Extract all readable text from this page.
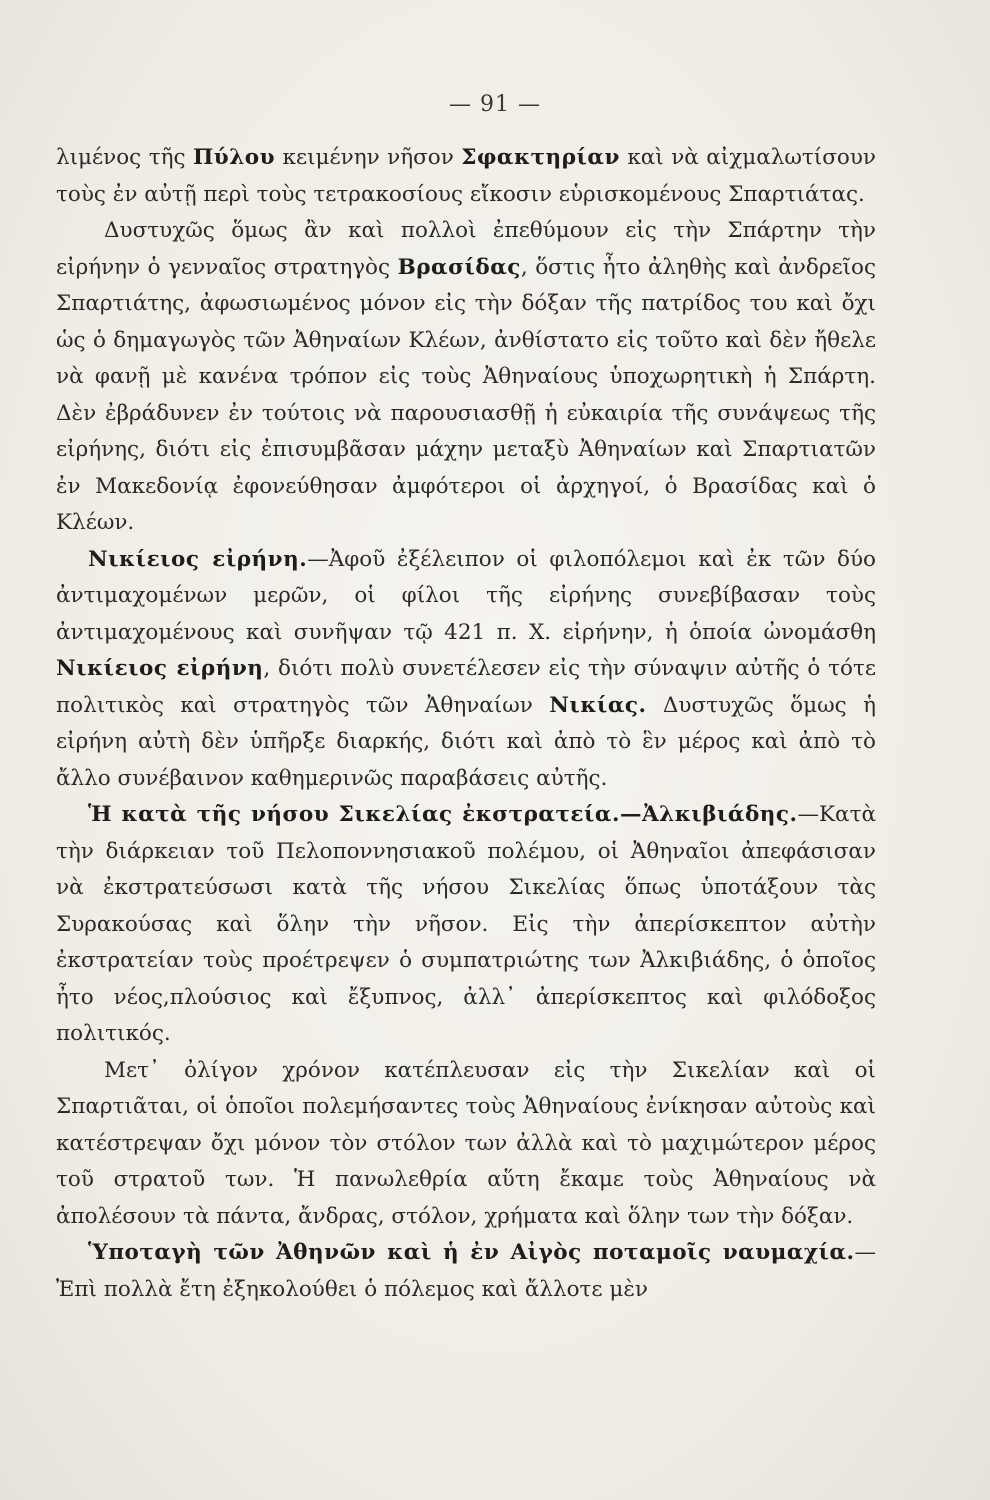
— 91 —

λιμένος τῆς Πύλου κειμένην νῆσον Σφακτηρίαν καὶ νὰ αἰχμαλωτίσουν τοὺς ἐν αὐτῇ περὶ τοὺς τετρακοσίους εἴκοσιν εὑρισκομένους Σπαρτιάτας.

Δυστυχῶς ὅμως ἂν καὶ πολλοὶ ἐπεθύμουν εἰς τὴν Σπάρτην τὴν εἰρήνην ὁ γενναῖος στρατηγὸς Βρασίδας, ὅστις ἦτο ἀληθὴς καὶ ἀνδρεῖος Σπαρτιάτης, ἀφωσιωμένος μόνον εἰς τὴν δόξαν τῆς πατρίδος του καὶ ὄχι ὡς ὁ δημαγωγὸς τῶν Ἀθηναίων Κλέων, ἀνθίστατο εἰς τοῦτο καὶ δὲν ἤθελε νὰ φανῇ μὲ κανένα τρόπον εἰς τοὺς Ἀθηναίους ὑποχωρητικὴ ἡ Σπάρτη. Δὲν ἐβράδυνεν ἐν τούτοις νὰ παρουσιασθῇ ἡ εὐκαιρία τῆς συνάψεως τῆς εἰρήνης, διότι εἰς ἐπισυμβᾶσαν μάχην μεταξὺ Ἀθηναίων καὶ Σπαρτιατῶν ἐν Μακεδονίᾳ ἐφονεύθησαν ἀμφότεροι οἱ ἀρχηγοί, ὁ Βρασίδας καὶ ὁ Κλέων.

Νικίειος εἰρήνη.—Ἀφοῦ ἐξέλειπον οἱ φιλοπόλεμοι καὶ ἐκ τῶν δύο ἀντιμαχομένων μερῶν, οἱ φίλοι τῆς εἰρήνης συνεβίβασαν τοὺς ἀντιμαχομένους καὶ συνῆψαν τῷ 421 π. Χ. εἰρήνην, ἡ ὁποία ὠνομάσθη Νικίειος εἰρήνη, διότι πολὺ συνετέλεσεν εἰς τὴν σύναψιν αὐτῆς ὁ τότε πολιτικὸς καὶ στρατηγὸς τῶν Ἀθηναίων Νικίας. Δυστυχῶς ὅμως ἡ εἰρήνη αὐτὴ δὲν ὑπῆρξε διαρκής, διότι καὶ ἀπὸ τὸ ἓν μέρος καὶ ἀπὸ τὸ ἄλλο συνέβαινον καθημερινῶς παραβάσεις αὐτῆς.

Ἡ κατὰ τῆς νήσου Σικελίας ἐκστρατεία.—Ἀλκιβιάδης.—Κατὰ τὴν διάρκειαν τοῦ Πελοποννησιακοῦ πολέμου, οἱ Ἀθηναῖοι ἀπεφάσισαν νὰ ἐκστρατεύσωσι κατὰ τῆς νήσου Σικελίας ὅπως ὑποτάξουν τὰς Συρακούσας καὶ ὅλην τὴν νῆσον. Εἰς τὴν ἀπερίσκεπτον αὐτὴν ἐκστρατείαν τοὺς προέτρεψεν ὁ συμπατριώτης των Ἀλκιβιάδης, ὁ ὁποῖος ἦτο νέος,πλούσιος καὶ ἔξυπνος, ἀλλ᾿ ἀπερίσκεπτος καὶ φιλόδοξος πολιτικός.

Μετ᾿ ὀλίγον χρόνον κατέπλευσαν εἰς τὴν Σικελίαν καὶ οἱ Σπαρτιᾶται, οἱ ὁποῖοι πολεμήσαντες τοὺς Ἀθηναίους ἐνίκησαν αὐτοὺς καὶ κατέστρεψαν ὄχι μόνον τὸν στόλον των ἀλλὰ καὶ τὸ μαχιμώτερον μέρος τοῦ στρατοῦ των. Ἡ πανωλεθρία αὕτη ἔκαμε τοὺς Ἀθηναίους νὰ ἀπολέσουν τὰ πάντα, ἄνδρας, στόλον, χρήματα καὶ ὅλην των τὴν δόξαν.

Ὑποταγὴ τῶν Ἀθηνῶν καὶ ἡ ἐν Αἰγὸς ποταμοῖς ναυμαχία.—Ἐπὶ πολλὰ ἔτη ἐξηκολούθει ὁ πόλεμος καὶ ἄλλοτε μὲν
